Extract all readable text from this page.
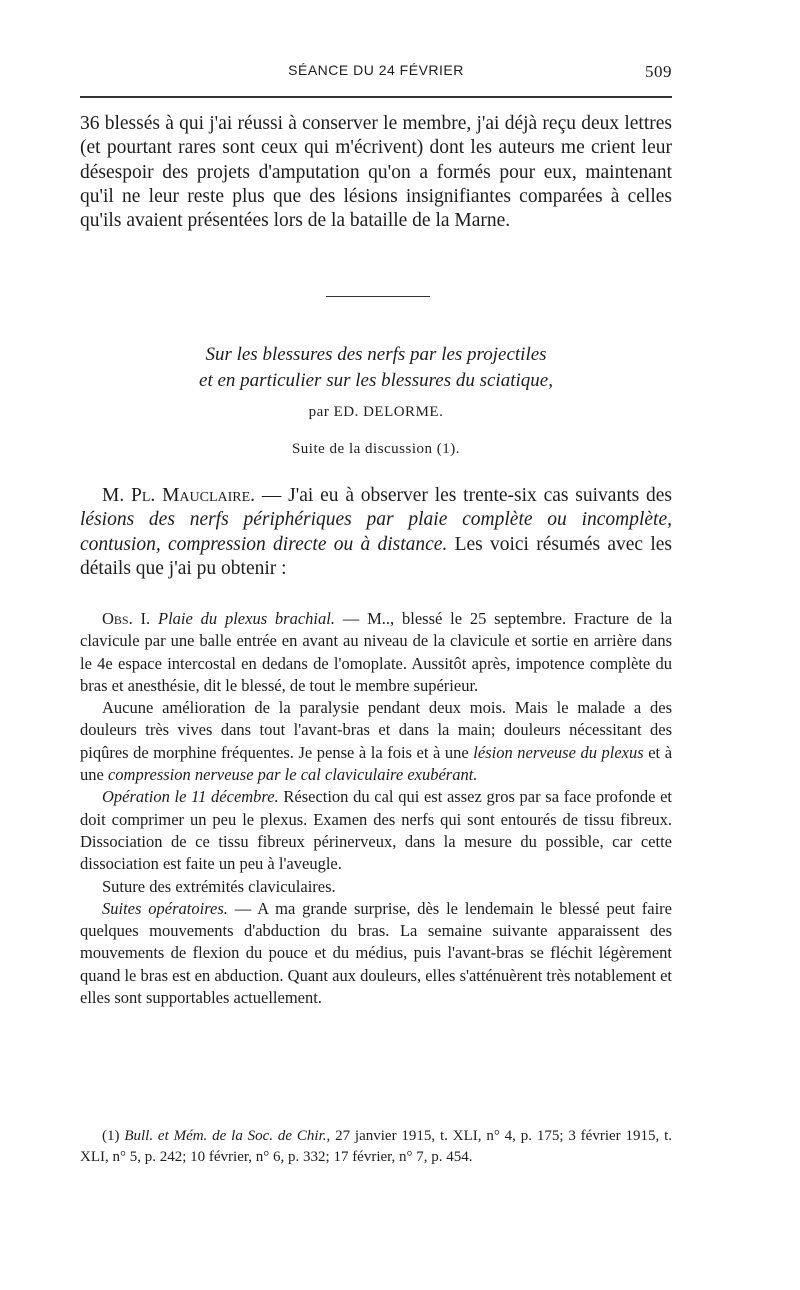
SÉANCE DU 24 FÉVRIER	509

36 blessés à qui j'ai réussi à conserver le membre, j'ai déjà reçu deux lettres (et pourtant rares sont ceux qui m'écrivent) dont les auteurs me crient leur désespoir des projets d'amputation qu'on a formés pour eux, maintenant qu'il ne leur reste plus que des lésions insignifiantes comparées à celles qu'ils avaient présentées lors de la bataille de la Marne.

Sur les blessures des nerfs par les projectiles
et en particulier sur les blessures du sciatique,
par ED. DELORME.
Suite de la discussion (1).

M. Pl. Mauclaire. — J'ai eu à observer les trente-six cas suivants des lésions des nerfs périphériques par plaie complète ou incomplète, contusion, compression directe ou à distance. Les voici résumés avec les détails que j'ai pu obtenir :

Obs. I. Plaie du plexus brachial. — M.., blessé le 25 septembre. Fracture de la clavicule par une balle entrée en avant au niveau de la clavicule et sortie en arrière dans le 4e espace intercostal en dedans de l'omoplate. Aussitôt après, impotence complète du bras et anesthésie, dit le blessé, de tout le membre supérieur.

Aucune amélioration de la paralysie pendant deux mois. Mais le malade a des douleurs très vives dans tout l'avant-bras et dans la main; douleurs nécessitant des piqûres de morphine fréquentes. Je pense à la fois et à une lésion nerveuse du plexus et à une compression nerveuse par le cal claviculaire exubérant.

Opération le 11 décembre. Résection du cal qui est assez gros par sa face profonde et doit comprimer un peu le plexus. Examen des nerfs qui sont entourés de tissu fibreux. Dissociation de ce tissu fibreux périnerveux, dans la mesure du possible, car cette dissociation est faite un peu à l'aveugle.

Suture des extrémités claviculaires.

Suites opératoires. — A ma grande surprise, dès le lendemain le blessé peut faire quelques mouvements d'abduction du bras. La semaine suivante apparaissent des mouvements de flexion du pouce et du médius, puis l'avant-bras se fléchit légèrement quand le bras est en abduction. Quant aux douleurs, elles s'atténuèrent très notablement et elles sont supportables actuellement.

(1) Bull. et Mém. de la Soc. de Chir., 27 janvier 1915, t. XLI, n° 4, p. 175; 3 février 1915, t. XLI, n° 5, p. 242; 10 février, n° 6, p. 332; 17 février, n° 7, p. 454.
